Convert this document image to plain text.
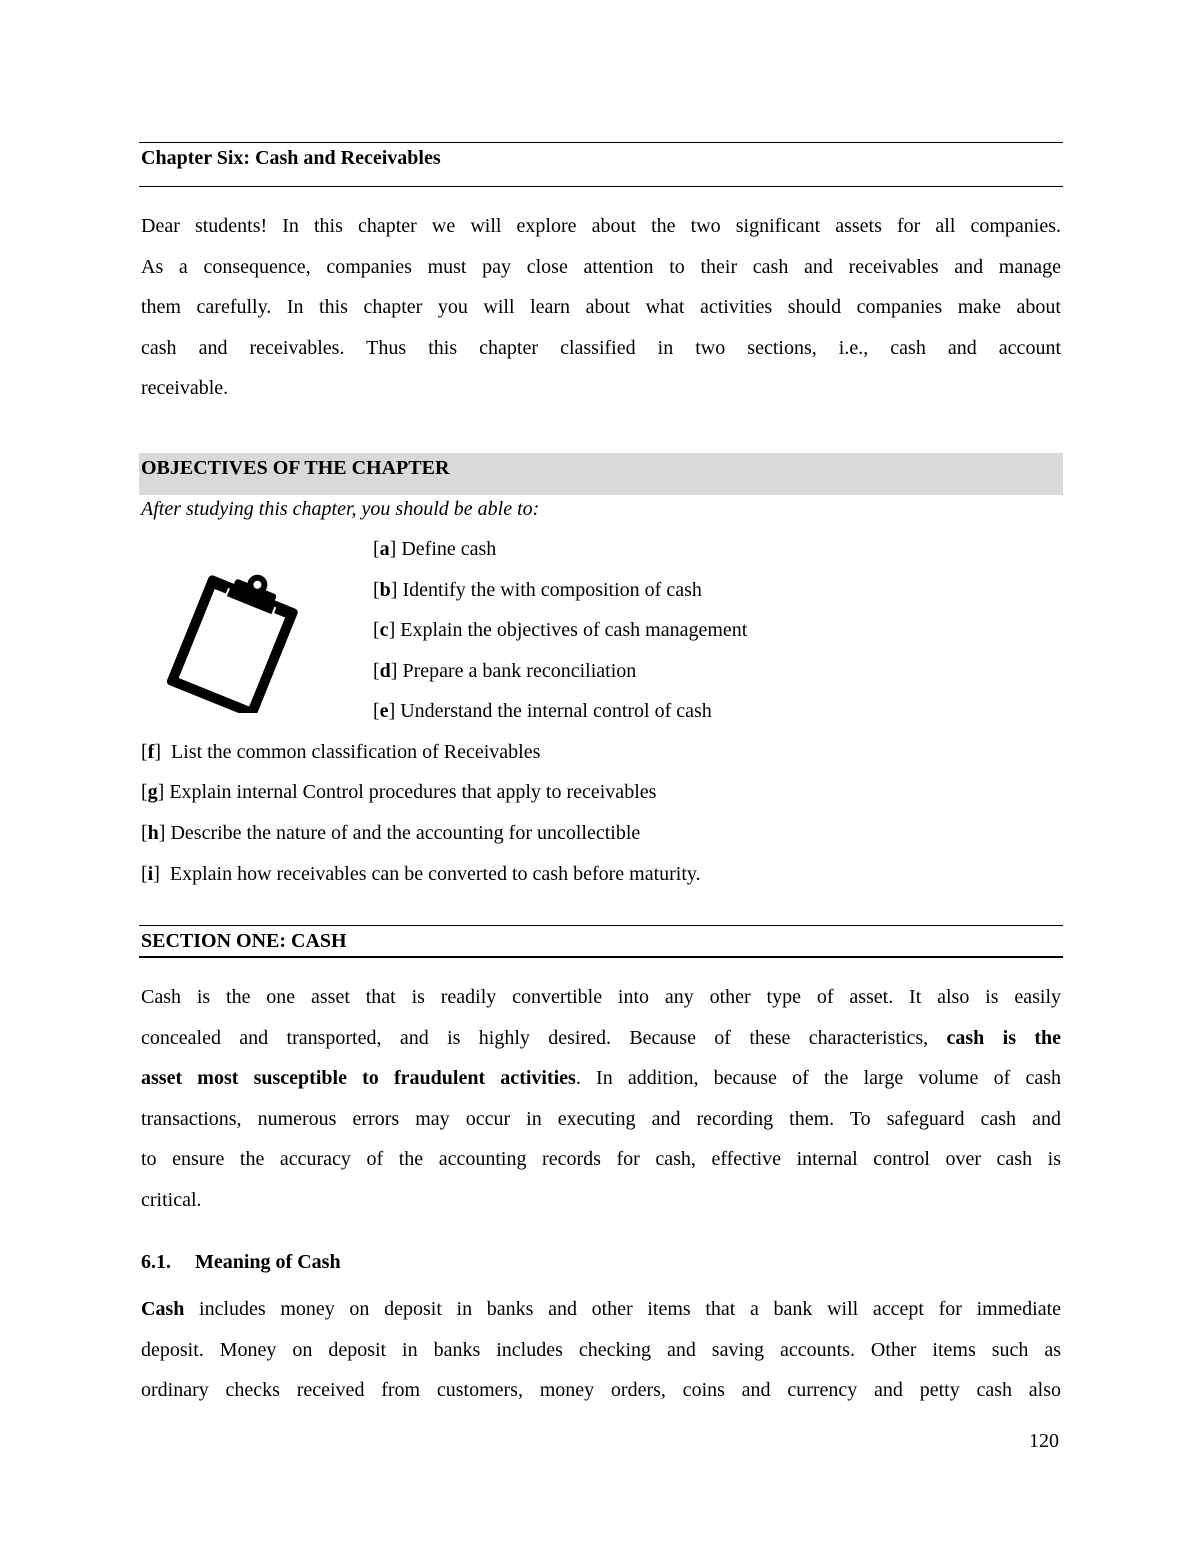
Chapter Six: Cash and Receivables
Dear students! In this chapter we will explore about the two significant assets for all companies.
As a consequence, companies must pay close attention to their cash and receivables and manage
them carefully. In this chapter you will learn about what activities should companies make about
cash and receivables. Thus this chapter classified in two sections, i.e., cash and account
receivable.
OBJECTIVES OF THE CHAPTER
After studying this chapter, you should be able to:
[a] Define cash
[b] Identify the with composition of cash
[c] Explain the objectives of cash management
[d] Prepare a bank reconciliation
[e] Understand the internal control of cash
[f]  List the common classification of Receivables
[g] Explain internal Control procedures that apply to receivables
[h] Describe the nature of and the accounting for uncollectible
[i]  Explain how receivables can be converted to cash before maturity.
SECTION ONE: CASH
Cash is the one asset that is readily convertible into any other type of asset. It also is easily
concealed and transported, and is highly desired. Because of these characteristics, cash is the
asset most susceptible to fraudulent activities. In addition, because of the large volume of cash
transactions, numerous errors may occur in executing and recording them. To safeguard cash and
to ensure the accuracy of the accounting records for cash, effective internal control over cash is
critical.
6.1. Meaning of Cash
Cash includes money on deposit in banks and other items that a bank will accept for immediate
deposit. Money on deposit in banks includes checking and saving accounts. Other items such as
ordinary checks received from customers, money orders, coins and currency and petty cash also
120
